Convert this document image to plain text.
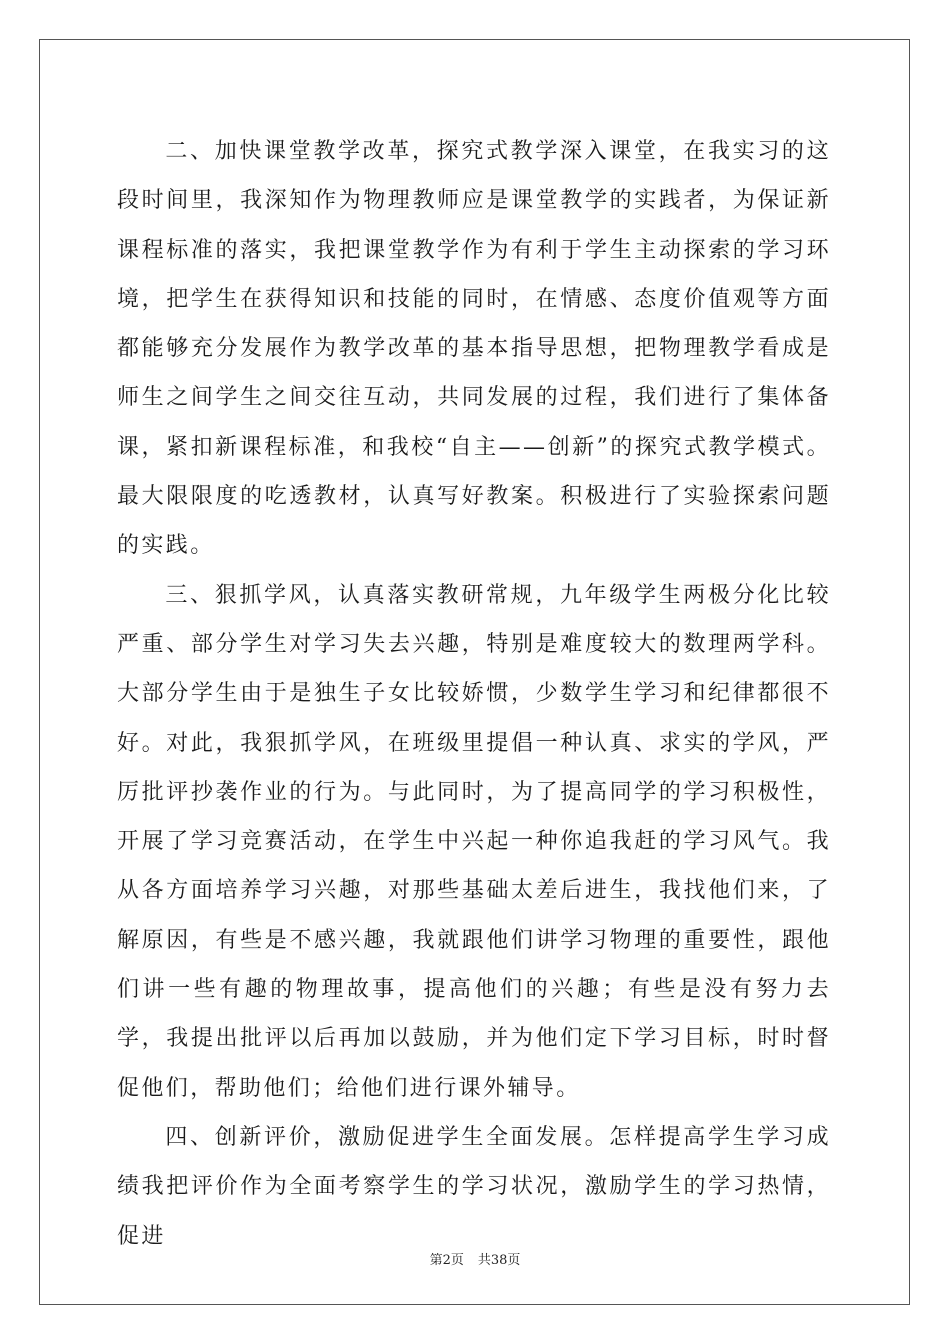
二、加快课堂教学改革，探究式教学深入课堂，在我实习的这段时间里，我深知作为物理教师应是课堂教学的实践者，为保证新课程标准的落实，我把课堂教学作为有利于学生主动探索的学习环境，把学生在获得知识和技能的同时，在情感、态度价值观等方面都能够充分发展作为教学改革的基本指导思想，把物理教学看成是师生之间学生之间交往互动，共同发展的过程，我们进行了集体备课，紧扣新课程标准，和我校“自主——创新”的探究式教学模式。最大限限度的吃透教材，认真写好教案。积极进行了实验探索问题的实践。

三、狠抓学风，认真落实教研常规，九年级学生两极分化比较严重、部分学生对学习失去兴趣，特别是难度较大的数理两学科。大部分学生由于是独生子女比较娇惯，少数学生学习和纪律都很不好。对此，我狠抓学风，在班级里提倡一种认真、求实的学风，严厉批评抄袭作业的行为。与此同时，为了提高同学的学习积极性，开展了学习竞赛活动，在学生中兴起一种你追我赶的学习风气。我从各方面培养学习兴趣，对那些基础太差后进生，我找他们来，了解原因，有些是不感兴趣，我就跟他们讲学习物理的重要性，跟他们讲一些有趣的物理故事，提高他们的兴趣；有些是没有努力去学，我提出批评以后再加以鼓励，并为他们定下学习目标，时时督促他们，帮助他们；给他们进行课外辅导。

四、创新评价，激励促进学生全面发展。怎样提高学生学习成绩我把评价作为全面考察学生的学习状况，激励学生的学习热情，促进

第2页 共38页
